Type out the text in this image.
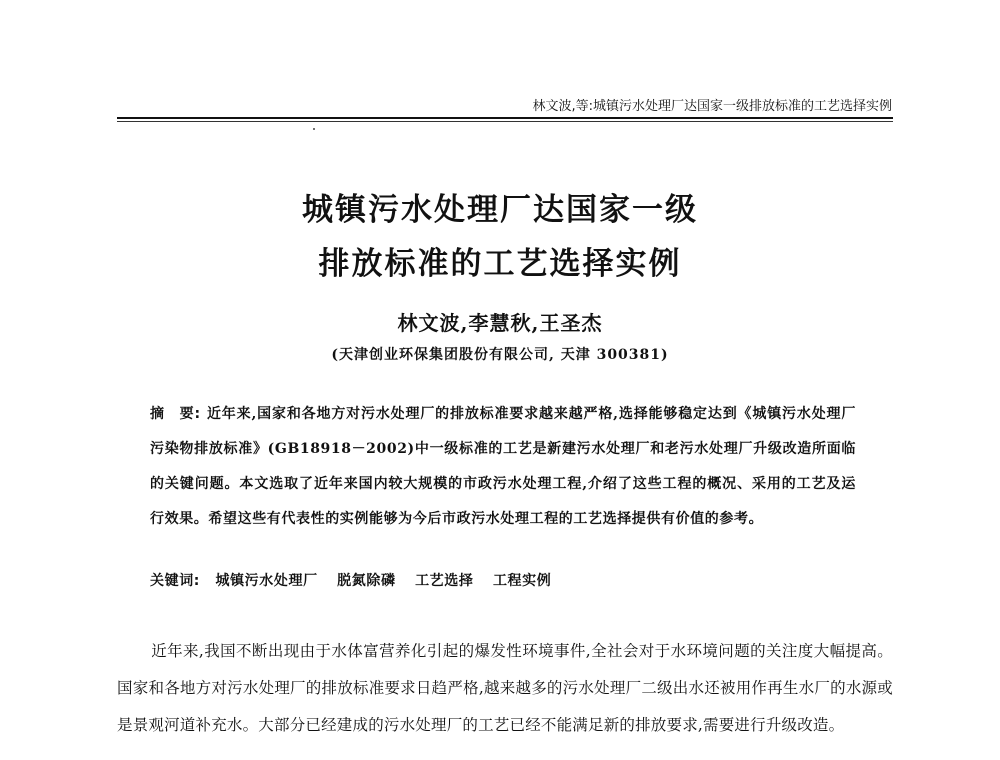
林文波,等:城镇污水处理厂达国家一级排放标准的工艺选择实例
城镇污水处理厂达国家一级
排放标准的工艺选择实例
林文波,李慧秋,王圣杰
(天津创业环保集团股份有限公司, 天津 300381)
摘　要: 近年来,国家和各地方对污水处理厂的排放标准要求越来越严格,选择能够稳定达到《城镇污水处理厂污染物排放标准》(GB18918－2002)中一级标准的工艺是新建污水处理厂和老污水处理厂升级改造所面临的关键问题。本文选取了近年来国内较大规模的市政污水处理工程,介绍了这些工程的概况、采用的工艺及运行效果。希望这些有代表性的实例能够为今后市政污水处理工程的工艺选择提供有价值的参考。
关键词: 城镇污水处理厂 脱氮除磷 工艺选择 工程实例
近年来,我国不断出现由于水体富营养化引起的爆发性环境事件,全社会对于水环境问题的关注度大幅提高。国家和各地方对污水处理厂的排放标准要求日趋严格,越来越多的污水处理厂二级出水还被用作再生水厂的水源或是景观河道补充水。大部分已经建成的污水处理厂的工艺已经不能满足新的排放要求,需要进行升级改造。
